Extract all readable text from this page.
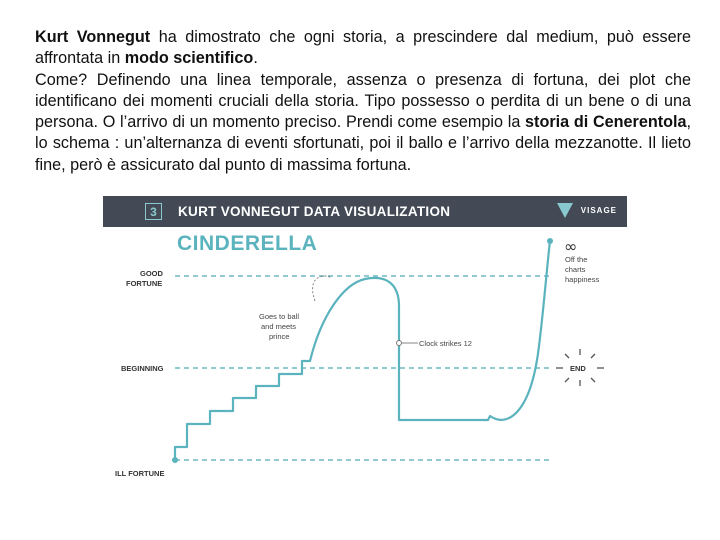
Kurt Vonnegut ha dimostrato che ogni storia, a prescindere dal medium, può essere affrontata in modo scientifico.

Come? Definendo una linea temporale, assenza o presenza di fortuna, dei plot che identificano dei momenti cruciali della storia. Tipo possesso o perdita di un bene o di una persona. O l’arrivo di un momento preciso. Prendi come esempio la storia di Cenerentola, lo schema : un’alternanza di eventi sfortunati, poi il ballo e l’arrivo della mezzanotte. Il lieto fine, però è assicurato dal punto di massima fortuna.

3	KURT VONNEGUT DATA VISUALIZATION	VISAGE
CINDERELLA
GOOD
FORTUNE
BEGINNING
ILL FORTUNE
Goes to ball
and meets
prince
Clock strikes 12
END
∞
Off the
charts
happiness
